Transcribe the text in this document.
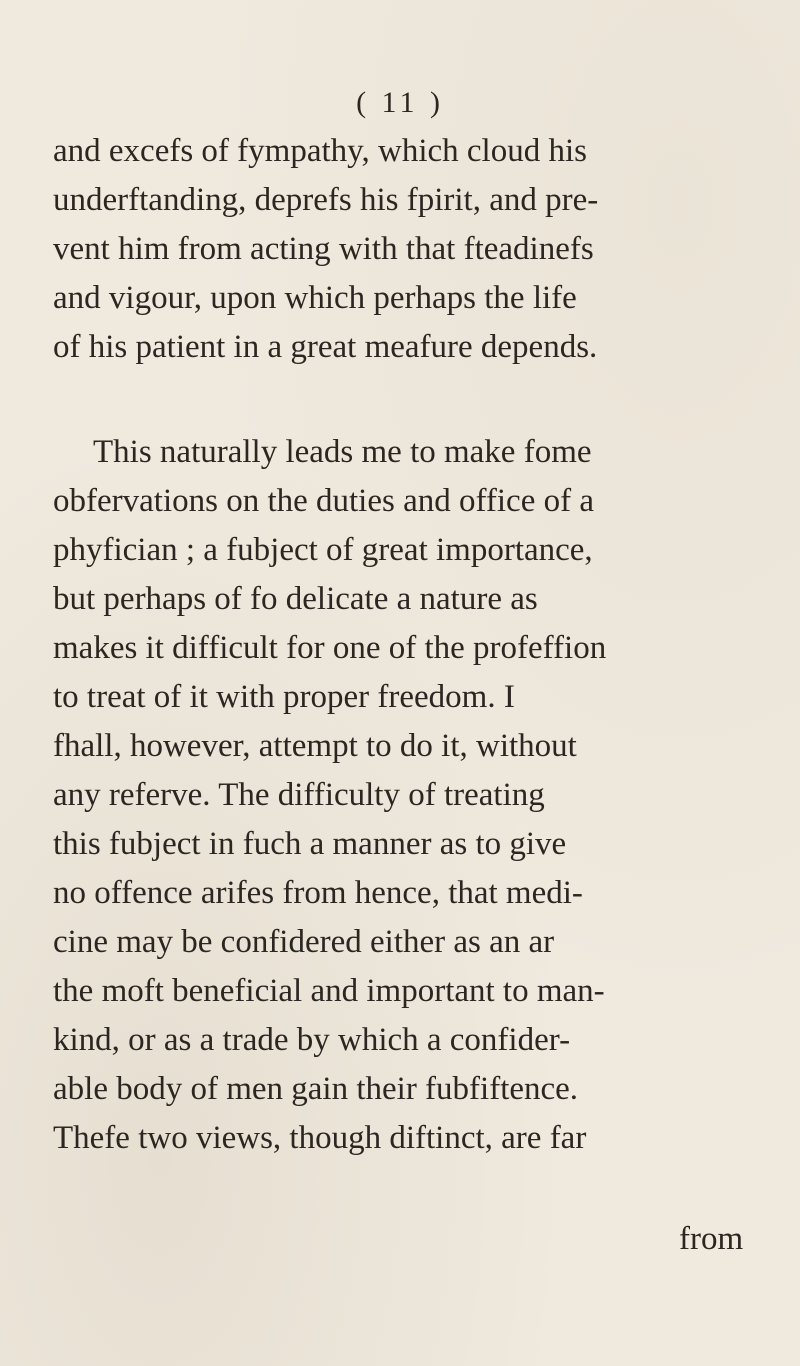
( 11 )
and excefs of fympathy, which cloud his
underftanding, deprefs his fpirit, and pre-
vent him from acting with that fteadinefs
and vigour, upon which perhaps the life
of his patient in a great meafure depends.
This naturally leads me to make fome
obfervations on the duties and office of a
phyfician ; a fubject of great importance,
but perhaps of fo delicate a nature as
makes it difficult for one of the profeffion
to treat of it with proper freedom. I
fhall, however, attempt to do it, without
any referve. The difficulty of treating
this fubject in fuch a manner as to give
no offence arifes from hence, that medi-
cine may be confidered either as an ar
the moft beneficial and important to man-
kind, or as a trade by which a confider-
able body of men gain their fubfiftence.
Thefe two views, though diftinct, are far
from
